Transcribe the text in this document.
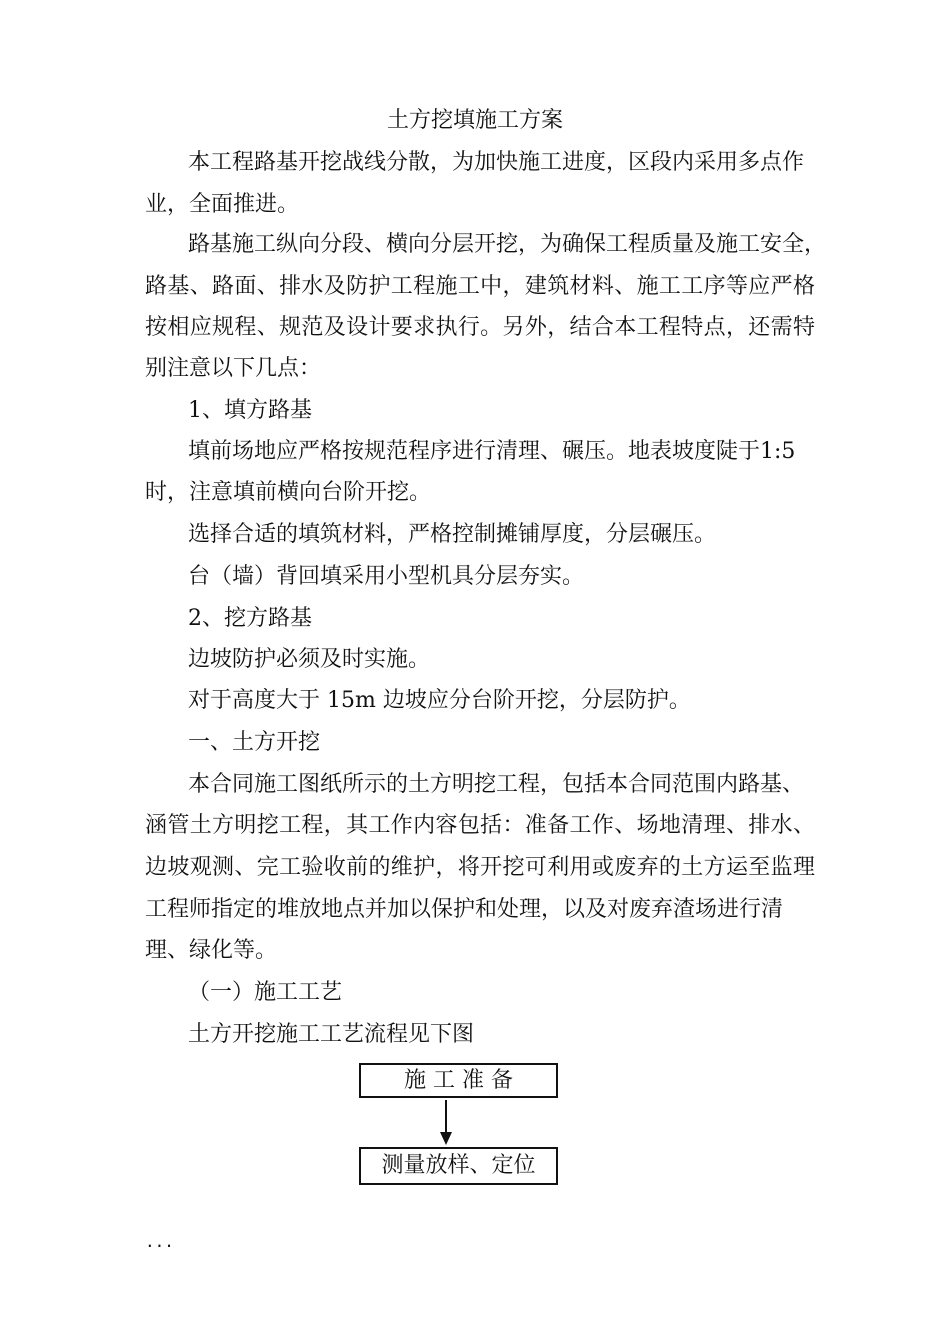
土方挖填施工方案
本工程路基开挖战线分散，为加快施工进度，区段内采用多点作
业，全面推进。
路基施工纵向分段、横向分层开挖，为确保工程质量及施工安全，
路基、路面、排水及防护工程施工中，建筑材料、施工工序等应严格
按相应规程、规范及设计要求执行。另外，结合本工程特点，还需特
别注意以下几点：
1、填方路基
填前场地应严格按规范程序进行清理、碾压。地表坡度陡于1:5
时，注意填前横向台阶开挖。
选择合适的填筑材料，严格控制摊铺厚度，分层碾压。
台（墙）背回填采用小型机具分层夯实。
2、挖方路基
边坡防护必须及时实施。
对于高度大于 15m 边坡应分台阶开挖，分层防护。
一、土方开挖
本合同施工图纸所示的土方明挖工程，包括本合同范围内路基、
涵管土方明挖工程，其工作内容包括：准备工作、场地清理、排水、
边坡观测、完工验收前的维护，将开挖可利用或废弃的土方运至监理
工程师指定的堆放地点并加以保护和处理，以及对废弃渣场进行清
理、绿化等。
（一）施工工艺
土方开挖施工工艺流程见下图
施 工 准 备
测量放样、定位
...
